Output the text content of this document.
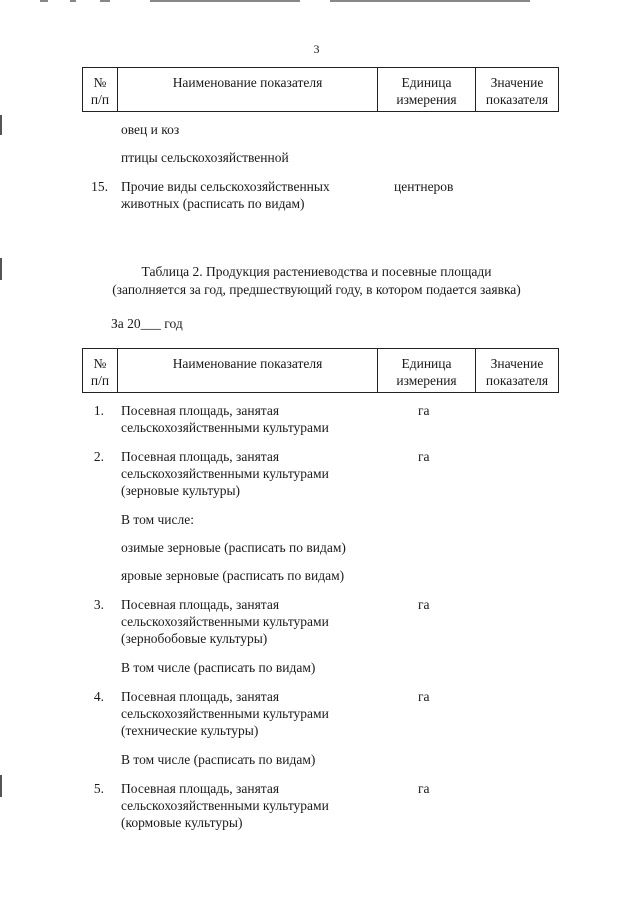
3
№
п/п
Наименование показателя	Единица
измерения
Значение
показателя
овец и коз
птицы сельскохозяйственной
15. Прочие виды сельскохозяйственных
животных (расписать по видам)
центнеров
Таблица 2. Продукция растениеводства и посевные площади
(заполняется за год, предшествующий году, в котором подается заявка)
За 20___ год
№
п/п
Наименование показателя	Единица
измерения
Значение
показателя
1. Посевная площадь, занятая
сельскохозяйственными культурами
га
2. Посевная площадь, занятая
сельскохозяйственными культурами
(зерновые культуры)
га
В том числе:
озимые зерновые (расписать по видам)
яровые зерновые (расписать по видам)
3. Посевная площадь, занятая
сельскохозяйственными культурами
(зернобобовые культуры)
га
В том числе (расписать по видам)
4. Посевная площадь, занятая
сельскохозяйственными культурами
(технические культуры)
га
В том числе (расписать по видам)
5. Посевная площадь, занятая
сельскохозяйственными культурами
(кормовые культуры)
га
